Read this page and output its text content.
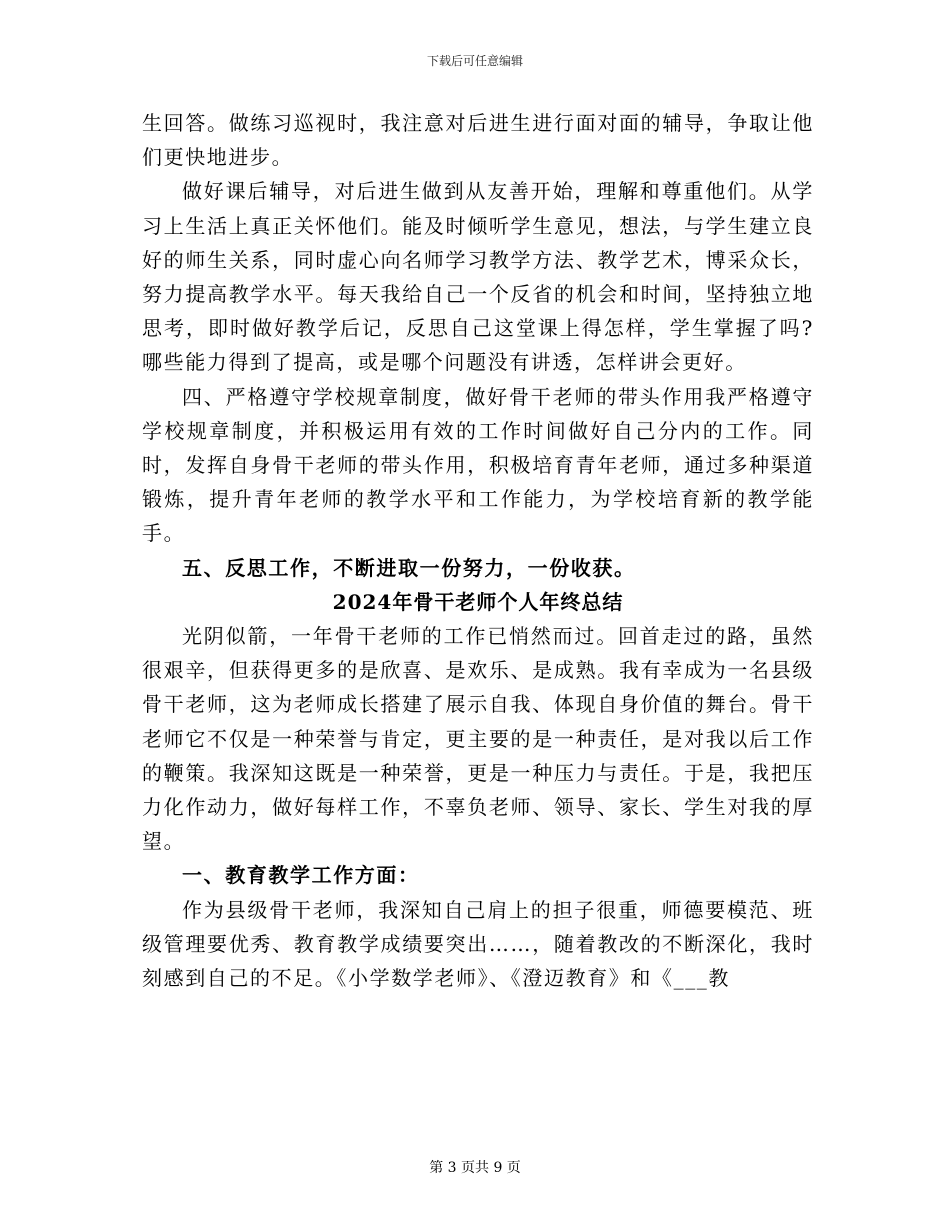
下载后可任意编辑

生回答。做练习巡视时，我注意对后进生进行面对面的辅导，争取让他们更快地进步。

做好课后辅导，对后进生做到从友善开始，理解和尊重他们。从学习上生活上真正关怀他们。能及时倾听学生意见，想法，与学生建立良好的师生关系，同时虚心向名师学习教学方法、教学艺术，博采众长，努力提高教学水平。每天我给自己一个反省的机会和时间，坚持独立地思考，即时做好教学后记，反思自己这堂课上得怎样，学生掌握了吗?哪些能力得到了提高，或是哪个问题没有讲透，怎样讲会更好。

四、严格遵守学校规章制度，做好骨干老师的带头作用我严格遵守学校规章制度，并积极运用有效的工作时间做好自己分内的工作。同时，发挥自身骨干老师的带头作用，积极培育青年老师，通过多种渠道锻炼，提升青年老师的教学水平和工作能力，为学校培育新的教学能手。

五、反思工作，不断进取一份努力，一份收获。

2024年骨干老师个人年终总结

光阴似箭，一年骨干老师的工作已悄然而过。回首走过的路，虽然很艰辛，但获得更多的是欣喜、是欢乐、是成熟。我有幸成为一名县级骨干老师，这为老师成长搭建了展示自我、体现自身价值的舞台。骨干老师它不仅是一种荣誉与肯定，更主要的是一种责任，是对我以后工作的鞭策。我深知这既是一种荣誉，更是一种压力与责任。于是，我把压力化作动力，做好每样工作，不辜负老师、领导、家长、学生对我的厚望。

一、教育教学工作方面：

作为县级骨干老师，我深知自己肩上的担子很重，师德要模范、班级管理要优秀、教育教学成绩要突出……，随着教改的不断深化，我时刻感到自己的不足。《小学数学老师》、《澄迈教育》和《___教

第 3 页共 9 页
